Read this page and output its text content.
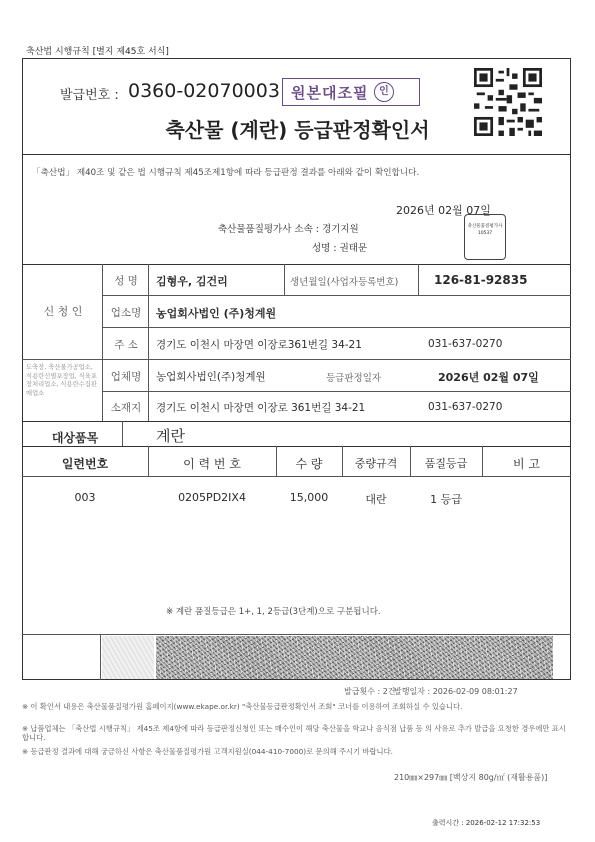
축산법 시행규칙 [별지 제45호 서식]
발급번호 : 0360-02070003 원본대조필	인
축산물 (계란) 등급판정확인서
「축산법」 제40조 및 같은 법 시행규칙 제45조제1항에 따라 등급판정 결과를 아래와 같이 확인합니다.
2026년 02월 07일
축산물품질평가사 소속 : 경기지원
성명 : 권태문
축산물품질평가사 10537
신 청 인
성 명	김형우, 김건리	생년월일(사업자등록번호)	126-81-92835
업소명	농업회사법인 (주)청계원
주 소	경기도 이천시 마장면 이장로361번길 34-21	031-637-0270
도축장, 축산물가공업소, 식용란선별포장업, 식육포장처리업소, 식용란수집판매업소
업체명	농업회사법인(주)청계원	등급판정일자	2026년 02월 07일
소재지	경기도 이천시 마장면 이장로 361번길 34-21	031-637-0270
대상품목	계란
일련번호	이 력 번 호	수 량	중량규격	품질등급	비 고
003	0205PD2IX4	15,000	대란	1 등급
※ 계란 품질등급은 1+, 1, 2등급(3단계)으로 구분됩니다.
발급횟수 : 2건
발행일자 : 2026-02-09 08:01:27
※ 이 확인서 내용은 축산물품질평가원 홈페이지(www.ekape.or.kr) "축산물등급판정확인서 조회" 코너를 이용하여 조회하실 수 있습니다.
※ 납품업체는 「축산법 시행규칙」 제45조 제4항에 따라 등급판정신청인 또는 매수인이 해당 축산물을 학교나 음식점 납품 등 의 사유로 추가 발급을 요청한 경우에만 표시합니다.
※ 등급판정 결과에 대해 궁금하신 사항은 축산물품질평가원 고객지원실(044-410-7000)로 문의해 주시기 바랍니다.
210㎜×297㎜ [백상지 80g/㎡ (재활용품)]
출력시간 : 2026-02-12 17:32:53
